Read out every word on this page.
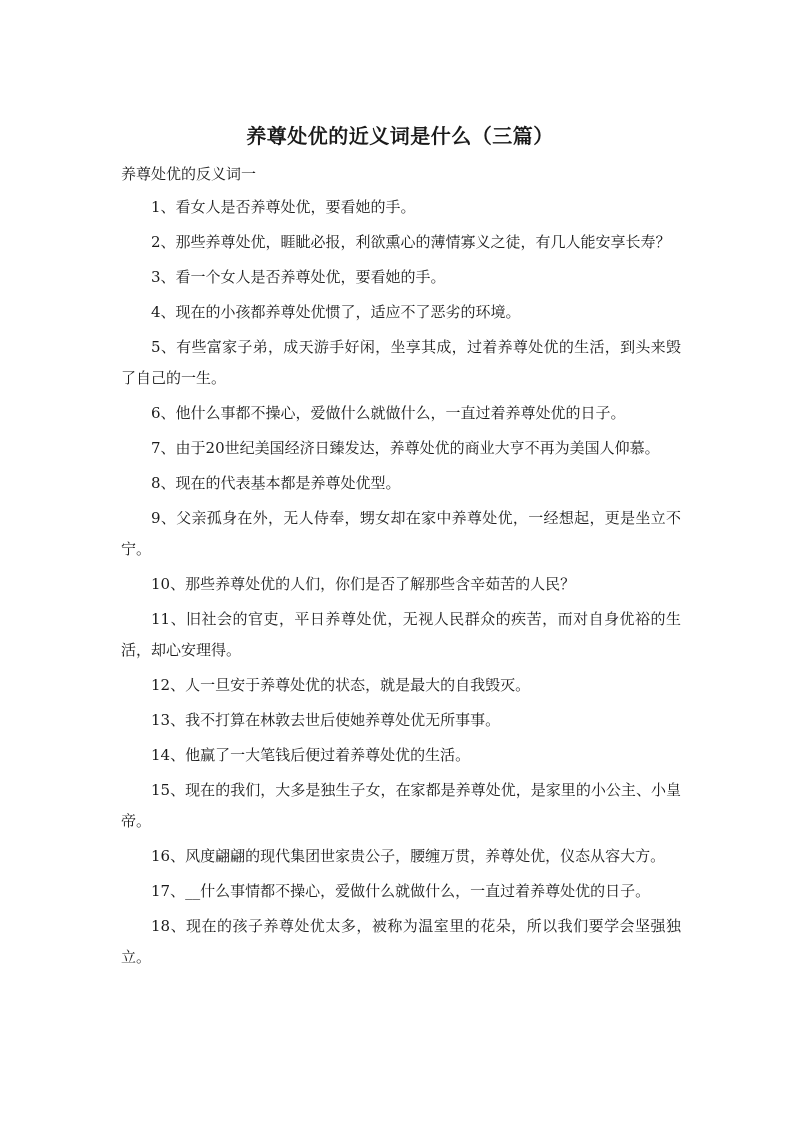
养尊处优的近义词是什么（三篇）
养尊处优的反义词一

1、看女人是否养尊处优，要看她的手。

2、那些养尊处优，睚眦必报，利欲熏心的薄情寡义之徒，有几人能安享长寿？

3、看一个女人是否养尊处优，要看她的手。

4、现在的小孩都养尊处优惯了，适应不了恶劣的环境。

5、有些富家子弟，成天游手好闲，坐享其成，过着养尊处优的生活，到头来毁了自己的一生。

6、他什么事都不操心，爱做什么就做什么，一直过着养尊处优的日子。

7、由于20世纪美国经济日臻发达，养尊处优的商业大亨不再为美国人仰慕。

8、现在的代表基本都是养尊处优型。

9、父亲孤身在外，无人侍奉，甥女却在家中养尊处优，一经想起，更是坐立不宁。

10、那些养尊处优的人们，你们是否了解那些含辛茹苦的人民？

11、旧社会的官吏，平日养尊处优，无视人民群众的疾苦，而对自身优裕的生活，却心安理得。

12、人一旦安于养尊处优的状态，就是最大的自我毁灭。

13、我不打算在林敦去世后使她养尊处优无所事事。

14、他赢了一大笔钱后便过着养尊处优的生活。

15、现在的我们，大多是独生子女，在家都是养尊处优，是家里的小公主、小皇帝。

16、风度翩翩的现代集团世家贵公子，腰缠万贯，养尊处优，仪态从容大方。

17、__什么事情都不操心，爱做什么就做什么，一直过着养尊处优的日子。

18、现在的孩子养尊处优太多，被称为温室里的花朵，所以我们要学会坚强独立。
